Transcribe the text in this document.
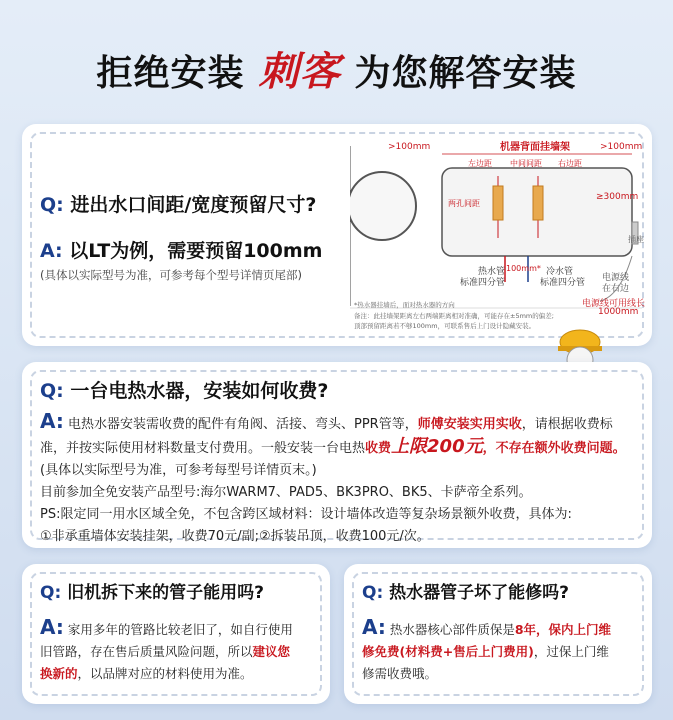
拒绝安装 刺客 为您解答安装
Q: 进出水口间距/宽度预留尺寸?
A: 以LT为例，需要预留100mm
(具体以实际型号为准，可参考每个型号详情页尾部)
机器背面挂墙架
>100mm	>100mm
左边距 中间间距 右边距
≥300mm
两孔间距
100mm*
热水管
标准四分管
冷水管
标准四分管
插座
电源线
在右边
电源线可用线长
1000mm
*热水器挂墙后，面对热水器的方向
备注：此挂墙架距离左右两端距离相对准确，可能存在±5mm的偏差;
顶部预留距离若不够100mm，可联系售后上门设计隐藏安装。
Q: 一台电热水器，安装如何收费?
A: 电热水器安装需收费的配件有角阀、活接、弯头、PPR管等，师傅安装实用实收，请根据收费标
准，并按实际使用材料数量支付费用。一般安装一台电热收费上限200元，不存在额外收费问题。
(具体以实际型号为准，可参考每型号详情页末。)
目前参加全免安装产品型号:海尔WARM7、PAD5、BK3PRO、BK5、卡萨帝全系列。
PS:限定同一用水区域全免，不包含跨区域材料：设计墙体改造等复杂场景额外收费，具体为:
①非承重墙体安装挂架，收费70元/副;②拆装吊顶，收费100元/次。
Q: 旧机拆下来的管子能用吗?
A: 家用多年的管路比较老旧了，如自行使用
旧管路，存在售后质量风险问题，所以建议您
换新的，以品牌对应的材料使用为准。
Q: 热水器管子坏了能修吗?
A: 热水器核心部件质保是8年，保内上门维
修免费(材料费+售后上门费用)，过保上门维
修需收费哦。
